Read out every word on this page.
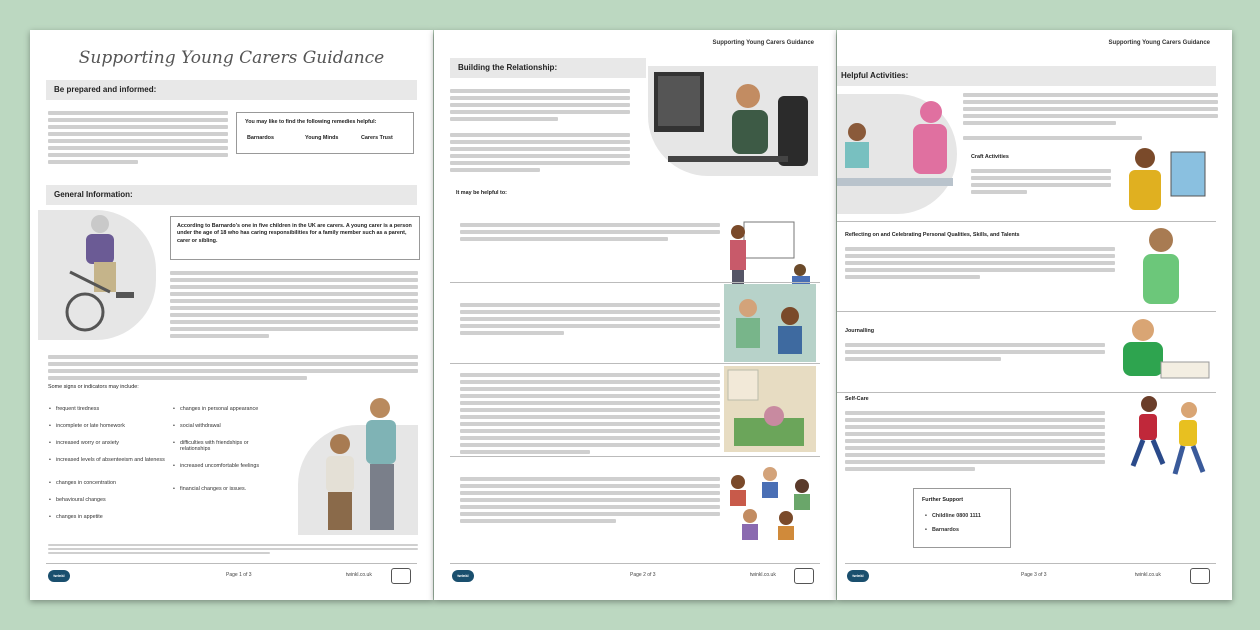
Supporting Young Carers Guidance
Be prepared and informed:
You may like to find the following remedies helpful:
Barnardos	Young Minds	Carers Trust
General Information:
According to Barnardo's one in five children in the UK are carers. A young carer is a person under the age of 18 who has caring responsibilities for a family member such as a parent, carer or sibling.
Some signs or indicators may include:
• frequent tiredness
• incomplete or late homework
• increased worry or anxiety
• increased levels of absenteeism and lateness
• changes in concentration
• behavioural changes
• changes in appetite
• changes in personal appearance
• social withdrawal
• difficulties with friendships or relationships
• increased uncomfortable feelings
• financial changes or issues.
twinkl	Page 1 of 3	twinkl.co.uk
Supporting Young Carers Guidance
Building the Relationship:
It may be helpful to:
twinkl	Page 2 of 3	twinkl.co.uk
Supporting Young Carers Guidance
Helpful Activities:
Craft Activities
Reflecting on and Celebrating Personal Qualities, Skills, and Talents
Journalling
Self-Care
Further Support
• Childline 0800 1111
• Barnardos
twinkl	Page 3 of 3	twinkl.co.uk
